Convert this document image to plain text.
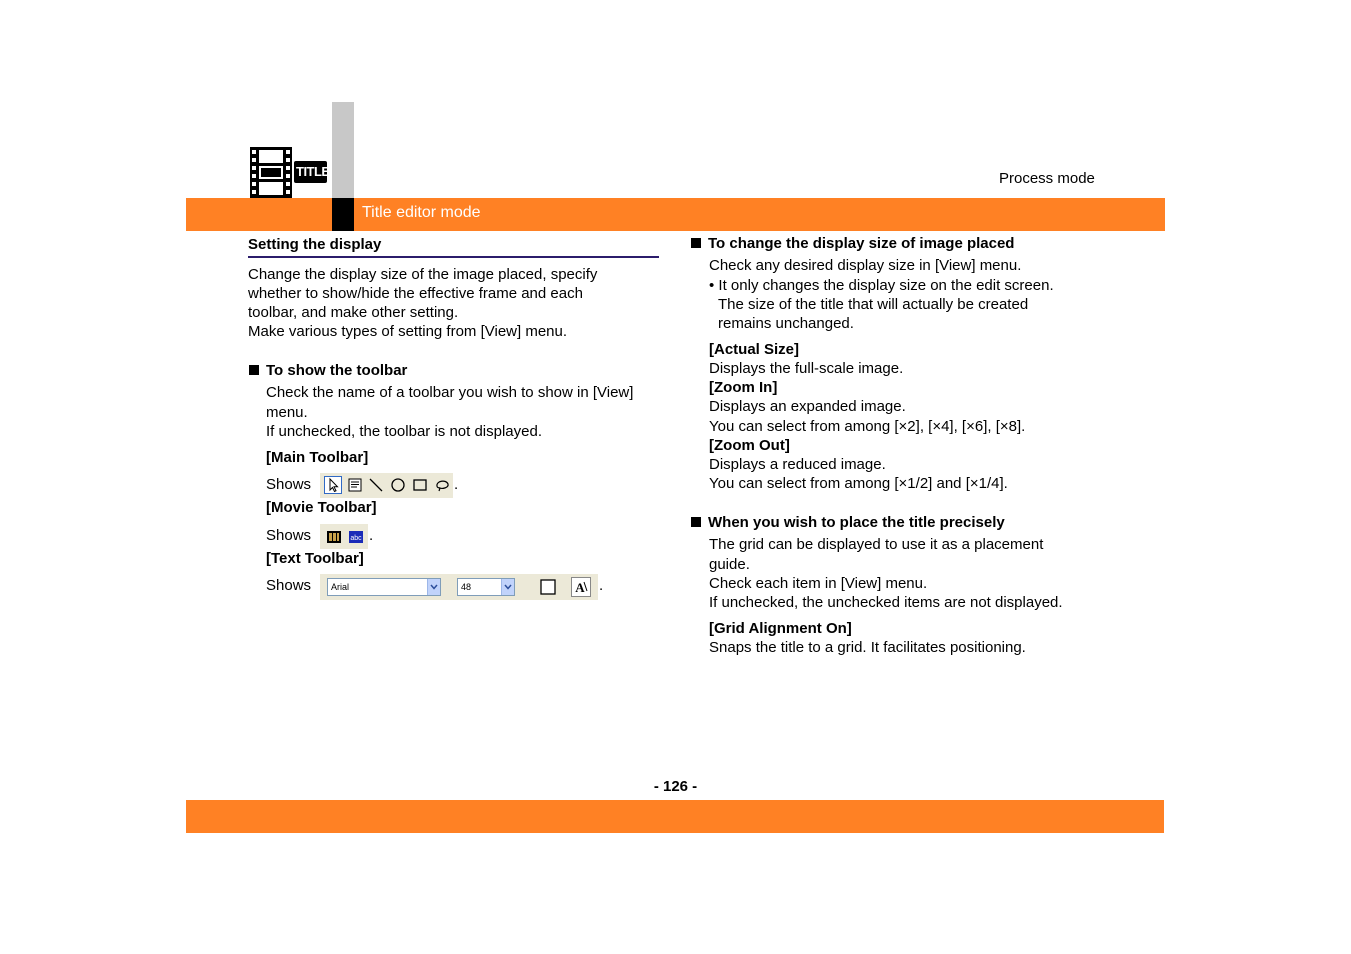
Title editor mode
Process mode
TITLE
Setting the display
Change the display size of the image placed, specify
whether to show/hide the effective frame and each
toolbar, and make other setting.
Make various types of setting from [View] menu.
To show the toolbar
Check the name of a toolbar you wish to show in [View]
menu.
If unchecked, the toolbar is not displayed.
[Main Toolbar]
Shows	.
[Movie Toolbar]
Shows	abc .
[Text Toolbar]
Shows	Arial	48	A .
To change the display size of image placed
Check any desired display size in [View] menu.
• It only changes the display size on the edit screen.
The size of the title that will actually be created
remains unchanged.
[Actual Size]
Displays the full-scale image.
[Zoom In]
Displays an expanded image.
You can select from among [×2], [×4], [×6], [×8].
[Zoom Out]
Displays a reduced image.
You can select from among [×1/2] and [×1/4].
When you wish to place the title precisely
The grid can be displayed to use it as a placement
guide.
Check each item in [View] menu.
If unchecked, the unchecked items are not displayed.
[Grid Alignment On]
Snaps the title to a grid. It facilitates positioning.
- 126 -
